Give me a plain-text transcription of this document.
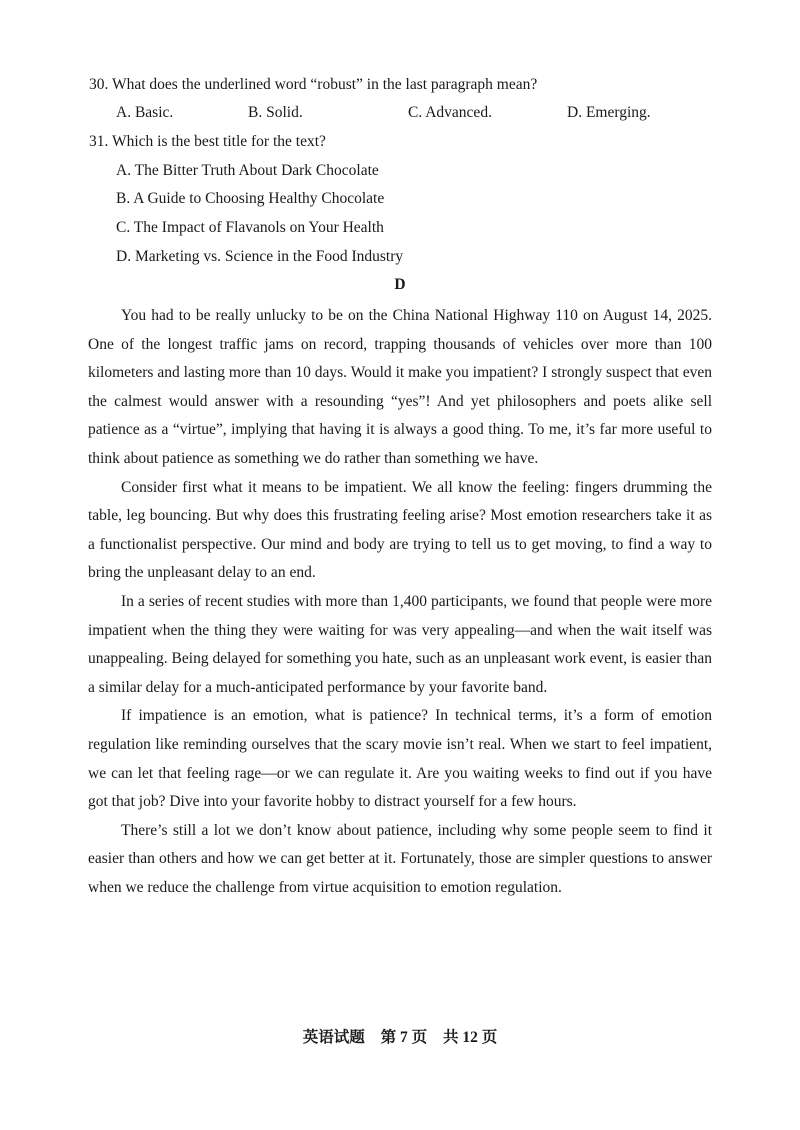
30. What does the underlined word “robust” in the last paragraph mean?
A. Basic.	B. Solid.	C. Advanced.	D. Emerging.
31. Which is the best title for the text?
A. The Bitter Truth About Dark Chocolate
B. A Guide to Choosing Healthy Chocolate
C. The Impact of Flavanols on Your Health
D. Marketing vs. Science in the Food Industry
D

You had to be really unlucky to be on the China National Highway 110 on August 14, 2025. One of the longest traffic jams on record, trapping thousands of vehicles over more than 100 kilometers and lasting more than 10 days. Would it make you impatient? I strongly suspect that even the calmest would answer with a resounding “yes”! And yet philosophers and poets alike sell patience as a “virtue”, implying that having it is always a good thing. To me, it’s far more useful to think about patience as something we do rather than something we have.

Consider first what it means to be impatient. We all know the feeling: fingers drumming the table, leg bouncing. But why does this frustrating feeling arise? Most emotion researchers take it as a functionalist perspective. Our mind and body are trying to tell us to get moving, to find a way to bring the unpleasant delay to an end.

In a series of recent studies with more than 1,400 participants, we found that people were more impatient when the thing they were waiting for was very appealing—and when the wait itself was unappealing. Being delayed for something you hate, such as an unpleasant work event, is easier than a similar delay for a much-anticipated performance by your favorite band.

If impatience is an emotion, what is patience? In technical terms, it’s a form of emotion regulation like reminding ourselves that the scary movie isn’t real. When we start to feel impatient, we can let that feeling rage—or we can regulate it. Are you waiting weeks to find out if you have got that job? Dive into your favorite hobby to distract yourself for a few hours.

There’s still a lot we don’t know about patience, including why some people seem to find it easier than others and how we can get better at it. Fortunately, those are simpler questions to answer when we reduce the challenge from virtue acquisition to emotion regulation.

英语试题 第 7 页 共 12 页
